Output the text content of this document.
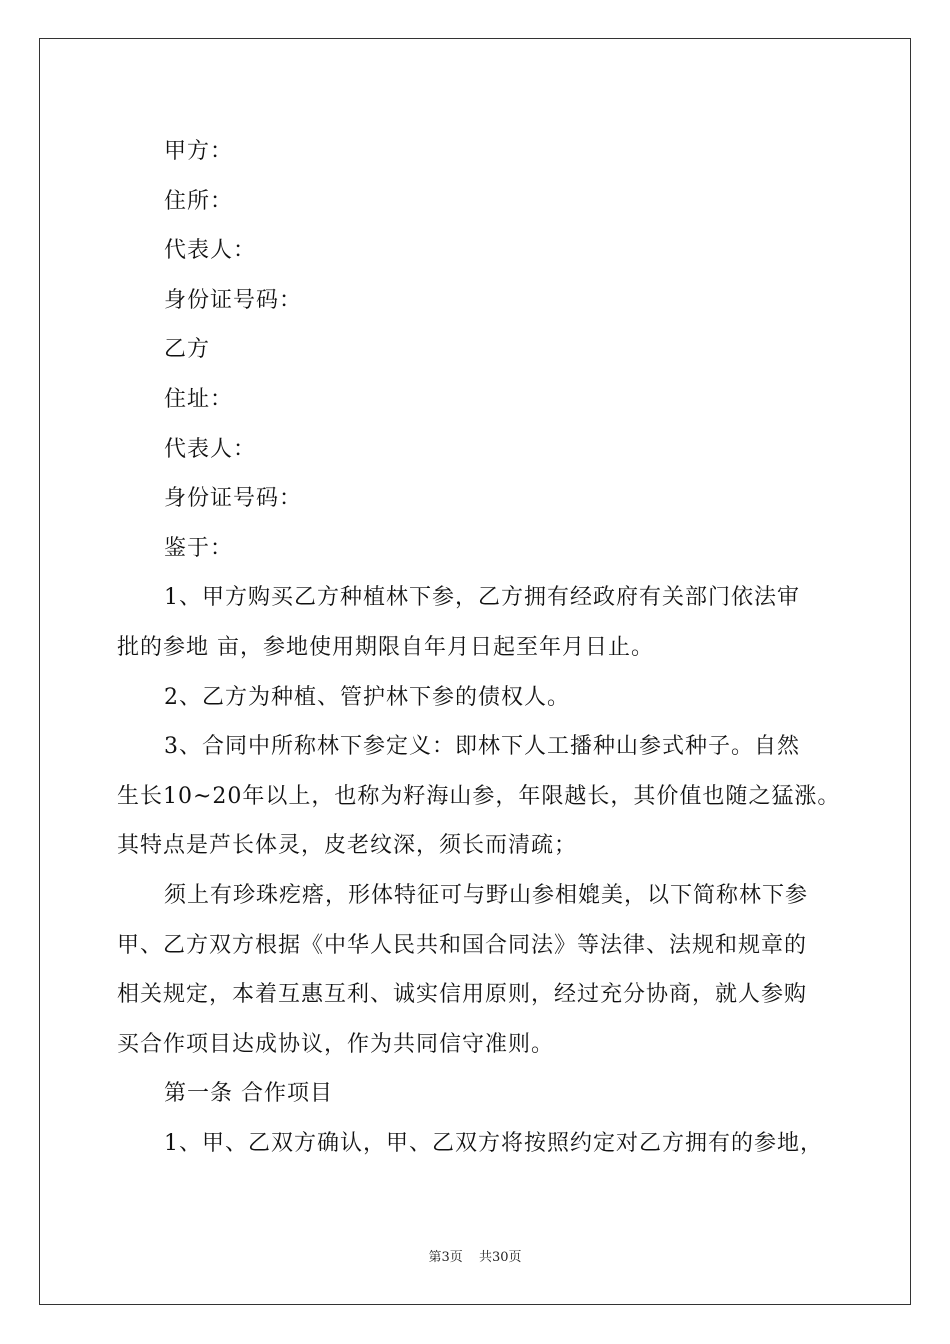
甲方：
住所：
代表人：
身份证号码：
乙方
住址：
代表人：
身份证号码：
鉴于：
1、甲方购买乙方种植林下参，乙方拥有经政府有关部门依法审
批的参地 亩，参地使用期限自年月日起至年月日止。
2、乙方为种植、管护林下参的债权人。
3、合同中所称林下参定义：即林下人工播种山参式种子。自然
生长10~20年以上，也称为籽海山参，年限越长，其价值也随之猛涨。
其特点是芦长体灵，皮老纹深，须长而清疏；
须上有珍珠疙瘩，形体特征可与野山参相媲美，以下简称林下参
甲、乙方双方根据《中华人民共和国合同法》等法律、法规和规章的
相关规定，本着互惠互利、诚实信用原则，经过充分协商，就人参购
买合作项目达成协议，作为共同信守准则。
第一条 合作项目
1、甲、乙双方确认，甲、乙双方将按照约定对乙方拥有的参地，
第3页 共30页
